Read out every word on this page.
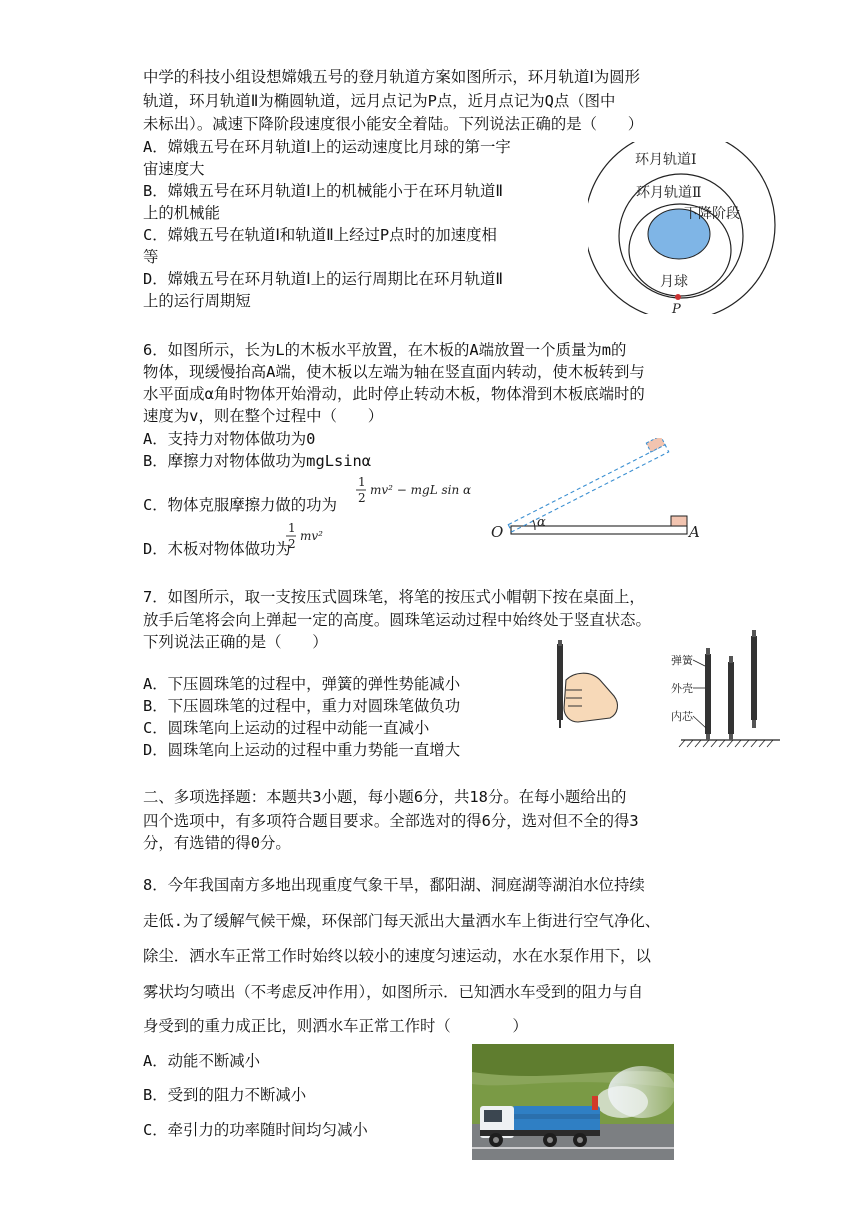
中学的科技小组设想嫦娥五号的登月轨道方案如图所示，环月轨道Ⅰ为圆形
轨道，环月轨道Ⅱ为椭圆轨道，远月点记为P点，近月点记为Q点（图中
未标出）。减速下降阶段速度很小能安全着陆。下列说法正确的是（　　）
A．嫦娥五号在环月轨道Ⅰ上的运动速度比月球的第一宇
宙速度大
B．嫦娥五号在环月轨道Ⅰ上的机械能小于在环月轨道Ⅱ
上的机械能
C．嫦娥五号在轨道Ⅰ和轨道Ⅱ上经过P点时的加速度相
等
D．嫦娥五号在环月轨道Ⅰ上的运行周期比在环月轨道Ⅱ
上的运行周期短
环月轨道Ⅰ
环月轨道Ⅱ
下降阶段
月球
P
6．如图所示，长为L的木板水平放置，在木板的A端放置一个质量为m的
物体，现缓慢抬高A端，使木板以左端为轴在竖直面内转动，使木板转到与
水平面成α角时物体开始滑动，此时停止转动木板，物体滑到木板底端时的
速度为v，则在整个过程中（　　）
A．支持力对物体做功为0
B．摩擦力对物体做功为mgLsinα
C．物体克服摩擦力做的功为
1
2
mv² − mgL sin α
D．木板对物体做功为
1
2
mv²
α
O	A
7．如图所示，取一支按压式圆珠笔，将笔的按压式小帽朝下按在桌面上，
放手后笔将会向上弹起一定的高度。圆珠笔运动过程中始终处于竖直状态。
下列说法正确的是（　　）
A．下压圆珠笔的过程中，弹簧的弹性势能减小
B．下压圆珠笔的过程中，重力对圆珠笔做负功
C．圆珠笔向上运动的过程中动能一直减小
D．圆珠笔向上运动的过程中重力势能一直增大
弹簧
外壳
内芯
二、多项选择题：本题共3小题，每小题6分，共18分。在每小题给出的
四个选项中，有多项符合题目要求。全部选对的得6分，选对但不全的得3
分，有选错的得0分。
8．今年我国南方多地出现重度气象干旱，鄱阳湖、洞庭湖等湖泊水位持续
走低.为了缓解气候干燥，环保部门每天派出大量洒水车上街进行空气净化、
除尘．洒水车正常工作时始终以较小的速度匀速运动，水在水泵作用下，以
雾状均匀喷出（不考虑反冲作用），如图所示．已知洒水车受到的阻力与自
身受到的重力成正比，则洒水车正常工作时（　　　　）
A．动能不断减小
B．受到的阻力不断减小
C．牵引力的功率随时间均匀减小
